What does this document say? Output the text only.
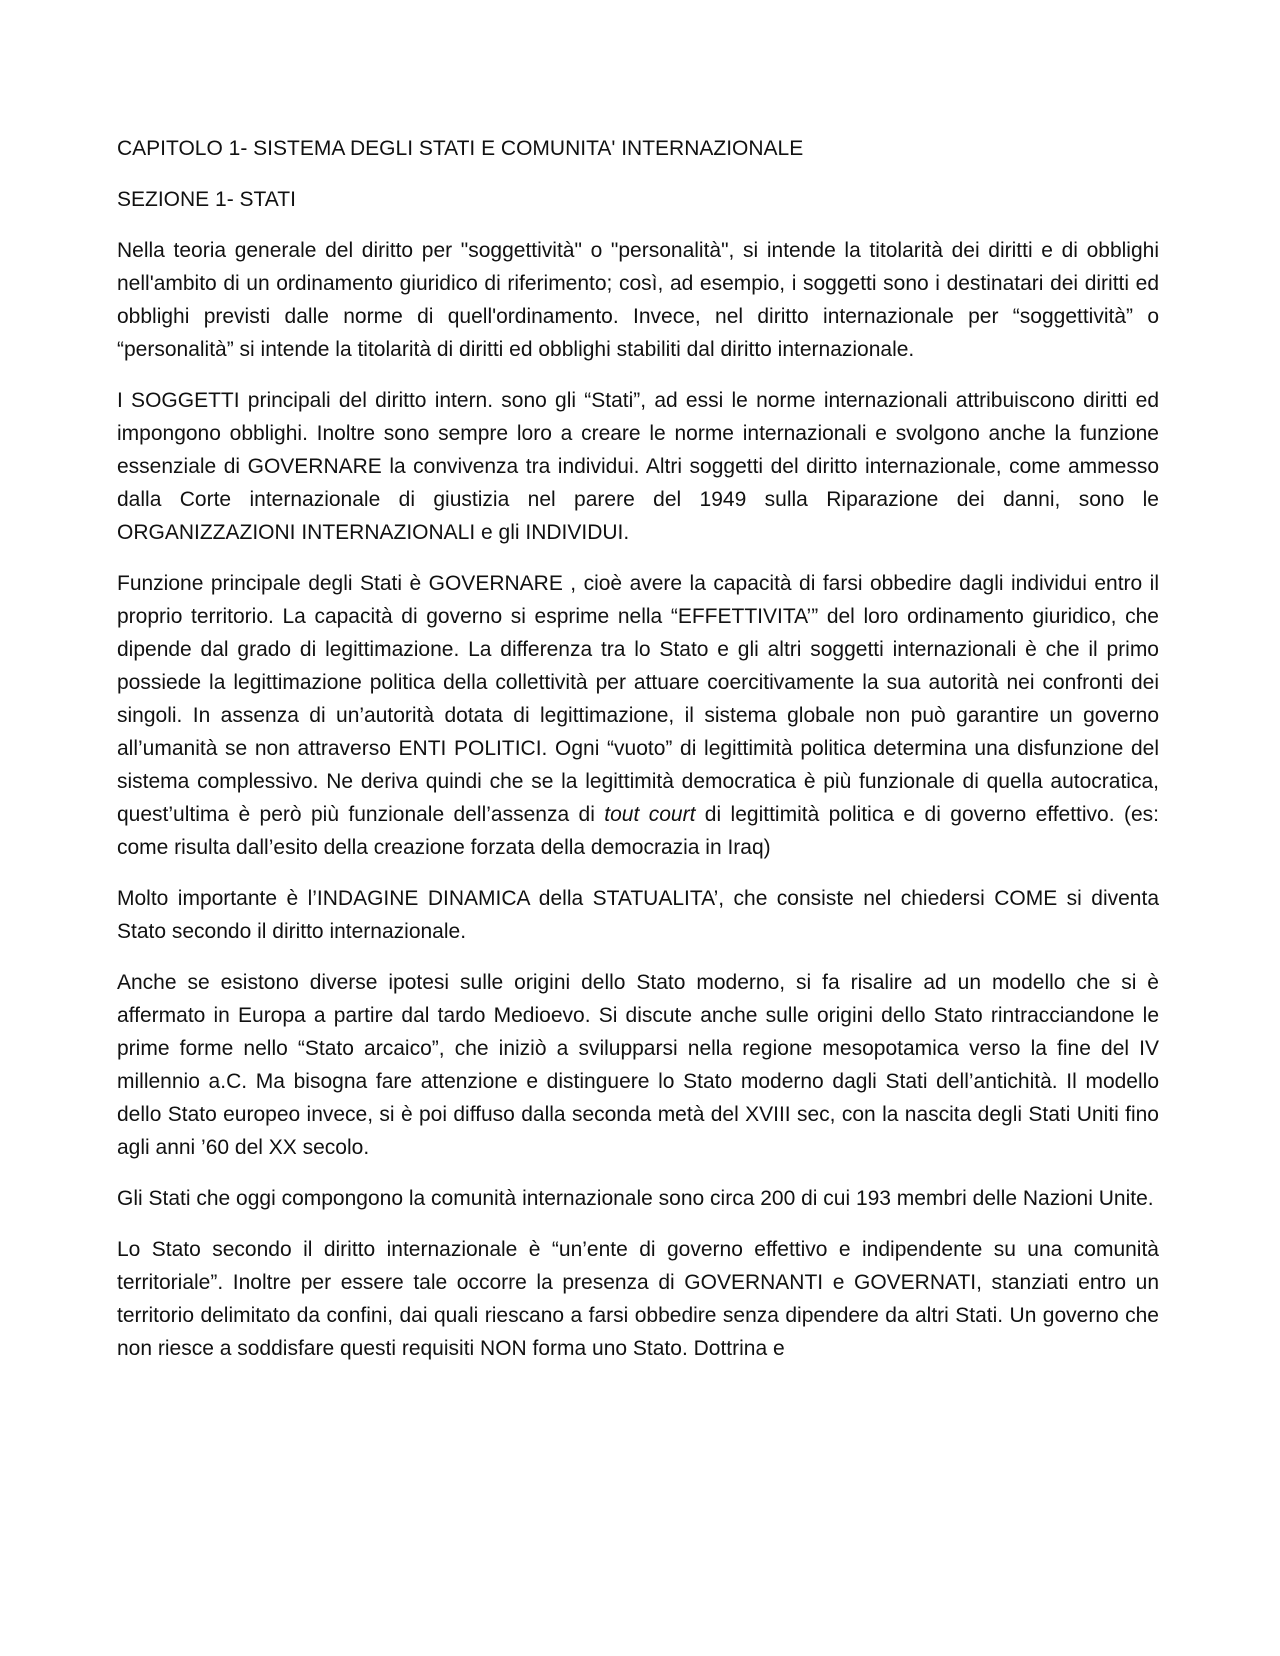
CAPITOLO 1- SISTEMA DEGLI STATI E COMUNITA' INTERNAZIONALE

SEZIONE 1- STATI

Nella teoria generale del diritto per "soggettività" o "personalità", si intende la titolarità dei diritti e di obblighi nell'ambito di un ordinamento giuridico di riferimento; così, ad esempio, i soggetti sono i destinatari dei diritti ed obblighi previsti dalle norme di quell'ordinamento. Invece, nel diritto internazionale per “soggettività” o “personalità” si intende la titolarità di diritti ed obblighi stabiliti dal diritto internazionale.

I SOGGETTI principali del diritto intern. sono gli “Stati”, ad essi le norme internazionali attribuiscono diritti ed impongono obblighi. Inoltre sono sempre loro a creare le norme internazionali e svolgono anche la funzione essenziale di GOVERNARE la convivenza tra individui. Altri soggetti del diritto internazionale, come ammesso dalla Corte internazionale di giustizia nel parere del 1949 sulla Riparazione dei danni, sono le ORGANIZZAZIONI INTERNAZIONALI e gli INDIVIDUI.

Funzione principale degli Stati è GOVERNARE , cioè avere la capacità di farsi obbedire dagli individui entro il proprio territorio. La capacità di governo si esprime nella “EFFETTIVITA’” del loro ordinamento giuridico, che dipende dal grado di legittimazione. La differenza tra lo Stato e gli altri soggetti internazionali è che il primo possiede la legittimazione politica della collettività per attuare coercitivamente la sua autorità nei confronti dei singoli. In assenza di un’autorità dotata di legittimazione, il sistema globale non può garantire un governo all’umanità se non attraverso ENTI POLITICI. Ogni “vuoto” di legittimità politica determina una disfunzione del sistema complessivo. Ne deriva quindi che se la legittimità democratica è più funzionale di quella autocratica, quest’ultima è però più funzionale dell’assenza di tout court di legittimità politica e di governo effettivo. (es: come risulta dall’esito della creazione forzata della democrazia in Iraq)

Molto importante è l’INDAGINE DINAMICA della STATUALITA’, che consiste nel chiedersi COME si diventa Stato secondo il diritto internazionale.

Anche se esistono diverse ipotesi sulle origini dello Stato moderno, si fa risalire ad un modello che si è affermato in Europa a partire dal tardo Medioevo. Si discute anche sulle origini dello Stato rintracciandone le prime forme nello “Stato arcaico”, che iniziò a svilupparsi nella regione mesopotamica verso la fine del IV millennio a.C. Ma bisogna fare attenzione e distinguere lo Stato moderno dagli Stati dell’antichità. Il modello dello Stato europeo invece, si è poi diffuso dalla seconda metà del XVIII sec, con la nascita degli Stati Uniti fino agli anni ’60 del XX secolo.

Gli Stati che oggi compongono la comunità internazionale sono circa 200 di cui 193 membri delle Nazioni Unite.

Lo Stato secondo il diritto internazionale è “un’ente di governo effettivo e indipendente su una comunità territoriale”. Inoltre per essere tale occorre la presenza di GOVERNANTI e GOVERNATI, stanziati entro un territorio delimitato da confini, dai quali riescano a farsi obbedire senza dipendere da altri Stati. Un governo che non riesce a soddisfare questi requisiti NON forma uno Stato. Dottrina e
